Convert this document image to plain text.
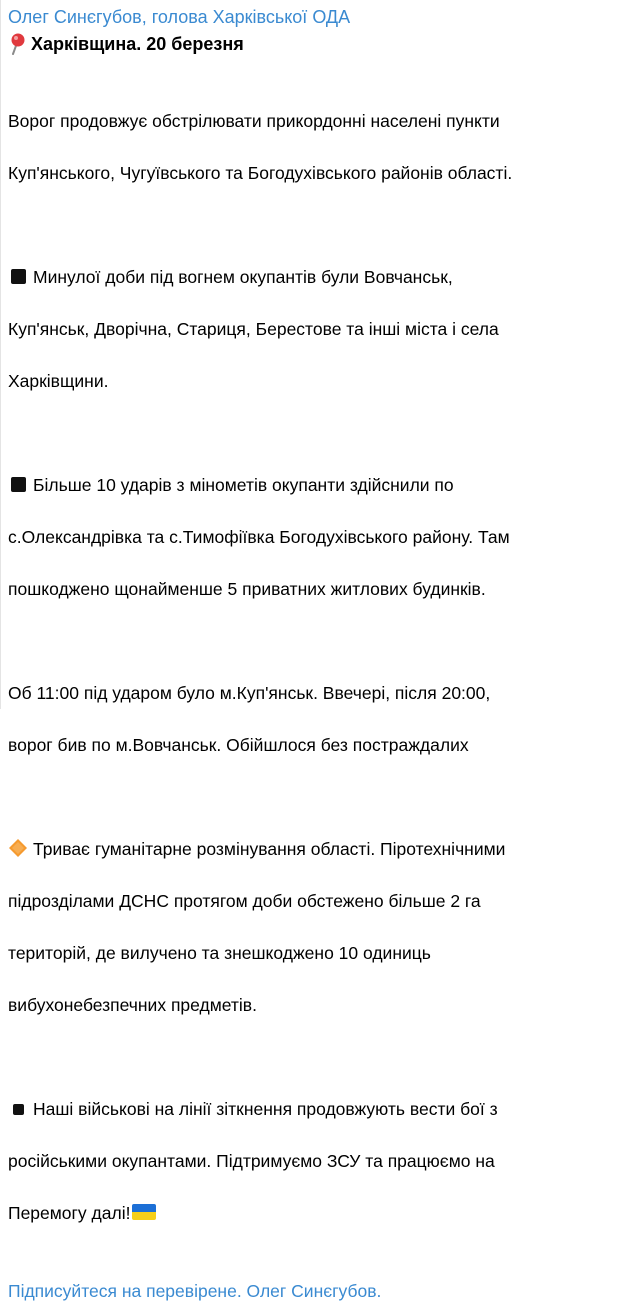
Олег Синєгубов, голова Харківської ОДА
Харківщина. 20 березня

Ворог продовжує обстрілювати прикордонні населені пункти

Куп'янського, Чугуївського та Богодухівського районів області.

Минулої доби під вогнем окупантів були Вовчанськ,

Куп'янськ, Дворічна, Стариця, Берестове та інші міста і села

Харківщини.

Більше 10 ударів з мінометів окупанти здійснили по

с.Олександрівка та с.Тимофіївка Богодухівського району. Там

пошкоджено щонайменше 5 приватних житлових будинків.

Об 11:00 під ударом було м.Куп'янськ. Ввечері, після 20:00,

ворог бив по м.Вовчанськ. Обійшлося без постраждалих

Триває гуманітарне розмінування області. Піротехнічними

підрозділами ДСНС протягом доби обстежено більше 2 га

територій, де вилучено та знешкоджено 10 одиниць

вибухонебезпечних предметів.

Наші військові на лінії зіткнення продовжують вести бої з

російськими окупантами. Підтримуємо ЗСУ та працюємо на

Перемогу далі!

Підписуйтеся на перевірене. Олег Синєгубов.
